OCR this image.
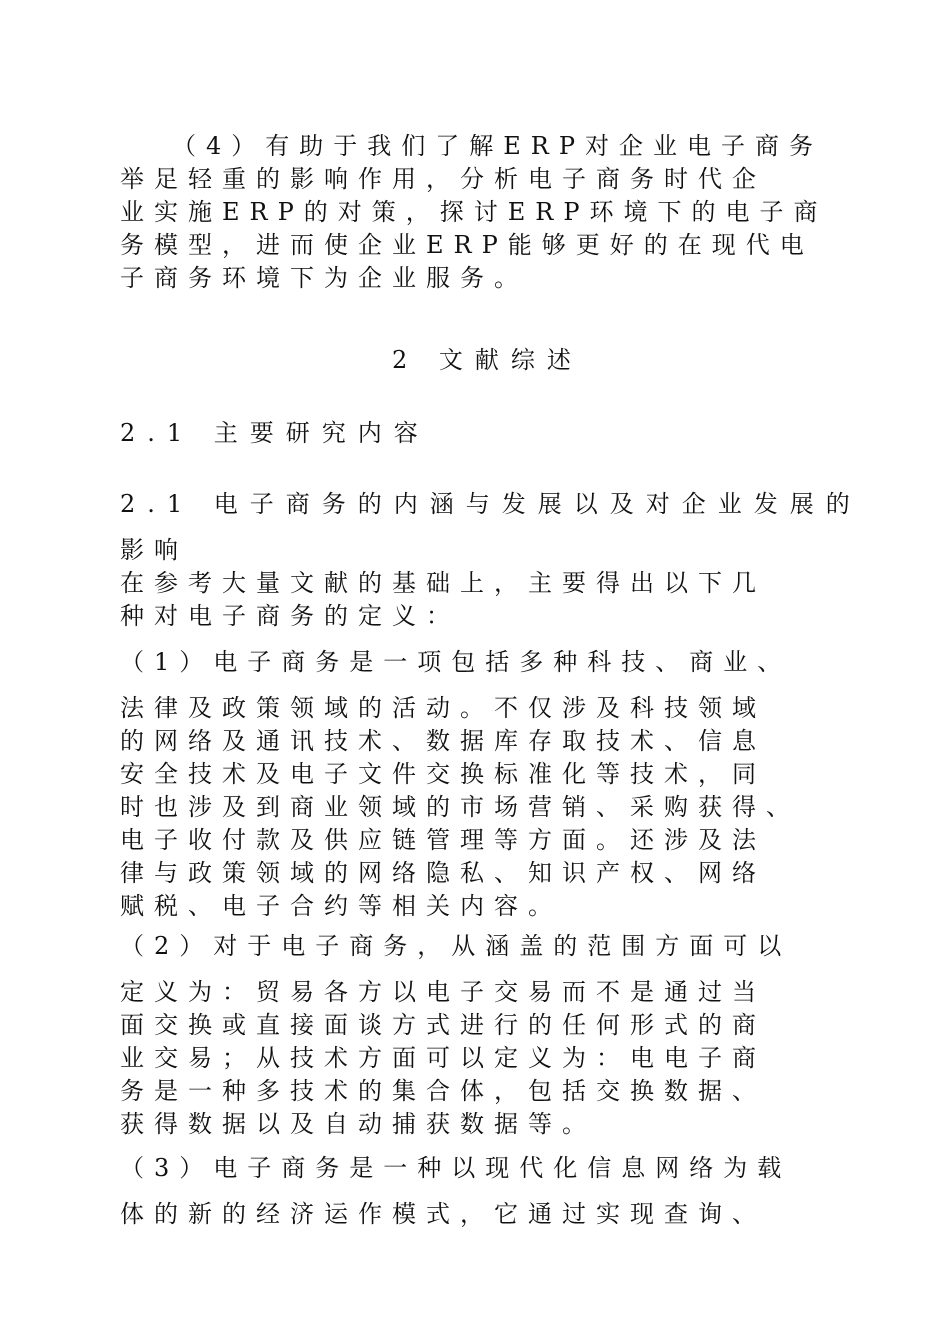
（4）有助于我们了解ERP对企业电子商务
举足轻重的影响作用，分析电子商务时代企
业实施ERP的对策，探讨ERP环境下的电子商
务模型，进而使企业ERP能够更好的在现代电
子商务环境下为企业服务。
2 文献综述
2.1 主要研究内容
2.1 电子商务的内涵与发展以及对企业发展的
影响
在参考大量文献的基础上，主要得出以下几
种对电子商务的定义：
（1）电子商务是一项包括多种科技、商业、
法律及政策领域的活动。不仅涉及科技领域
的网络及通讯技术、数据库存取技术、信息
安全技术及电子文件交换标准化等技术，同
时也涉及到商业领域的市场营销、采购获得、
电子收付款及供应链管理等方面。还涉及法
律与政策领域的网络隐私、知识产权、网络
赋税、电子合约等相关内容。
（2）对于电子商务，从涵盖的范围方面可以
定义为：贸易各方以电子交易而不是通过当
面交换或直接面谈方式进行的任何形式的商
业交易；从技术方面可以定义为：电电子商
务是一种多技术的集合体，包括交换数据、
获得数据以及自动捕获数据等。
（3）电子商务是一种以现代化信息网络为载
体的新的经济运作模式，它通过实现查询、
